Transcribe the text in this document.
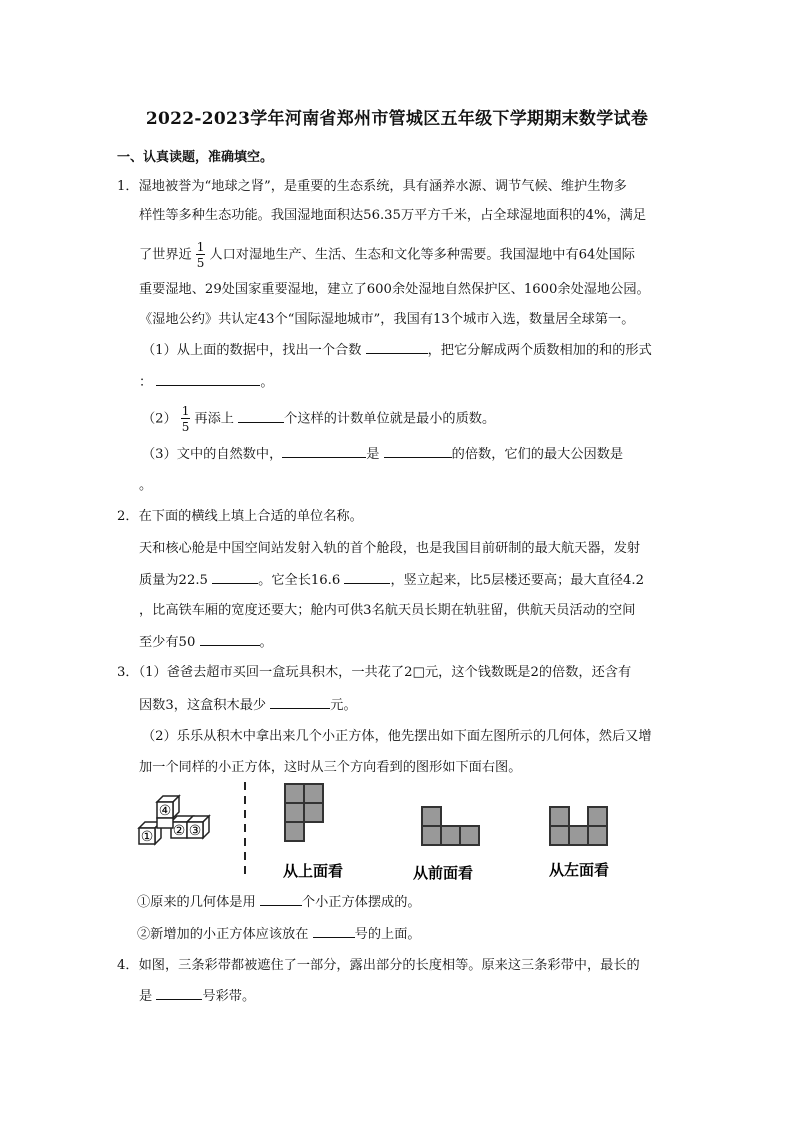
2022-2023学年河南省郑州市管城区五年级下学期期末数学试卷
一、认真读题，准确填空。
1．湿地被誉为“地球之肾”，是重要的生态系统，具有涵养水源、调节气候、维护生物多
样性等多种生态功能。我国湿地面积达56.35万平方千米，占全球湿地面积的4%，满足
了世界近 $\frac{1}{5}$ 人口对湿地生产、生活、生态和文化等多种需要。我国湿地中有64处国际
重要湿地、29处国家重要湿地，建立了600余处湿地自然保护区、1600余处湿地公园。
《湿地公约》共认定43个“国际湿地城市”，我国有13个城市入选，数量居全球第一。
（1）从上面的数据中，找出一个合数	，把它分解成两个质数相加的和的形式
：	。
$(2) \frac{1}{5}$ 再添上	个这样的计数单位就是最小的质数。
（3）文中的自然数中，	是	的倍数，它们的最大公因数是
。
2．在下面的横线上填上合适的单位名称。
天和核心舱是中国空间站发射入轨的首个舱段，也是我国目前研制的最大航天器，发射
质量为22.5	。它全长16.6	，竖立起来，比5层楼还要高；最大直径4.2
，比高铁车厢的宽度还要大；舱内可供3名航天员长期在轨驻留，供航天员活动的空间
至少有50	。
3．（1）爸爸去超市买回一盒玩具积木，一共花了2□元，这个钱数既是2的倍数，还含有
因数3，这盒积木最少	元。
（2）乐乐从积木中拿出来几个小正方体，他先摆出如下面左图所示的几何体，然后又增
加一个同样的小正方体，这时从三个方向看到的图形如下面右图。
④
① ② ③
从上面看	从前面看	从左面看
①原来的几何体是用	个小正方体摆成的。
②新增加的小正方体应该放在	号的上面。
4．如图，三条彩带都被遮住了一部分，露出部分的长度相等。原来这三条彩带中，最长的
是	号彩带。
